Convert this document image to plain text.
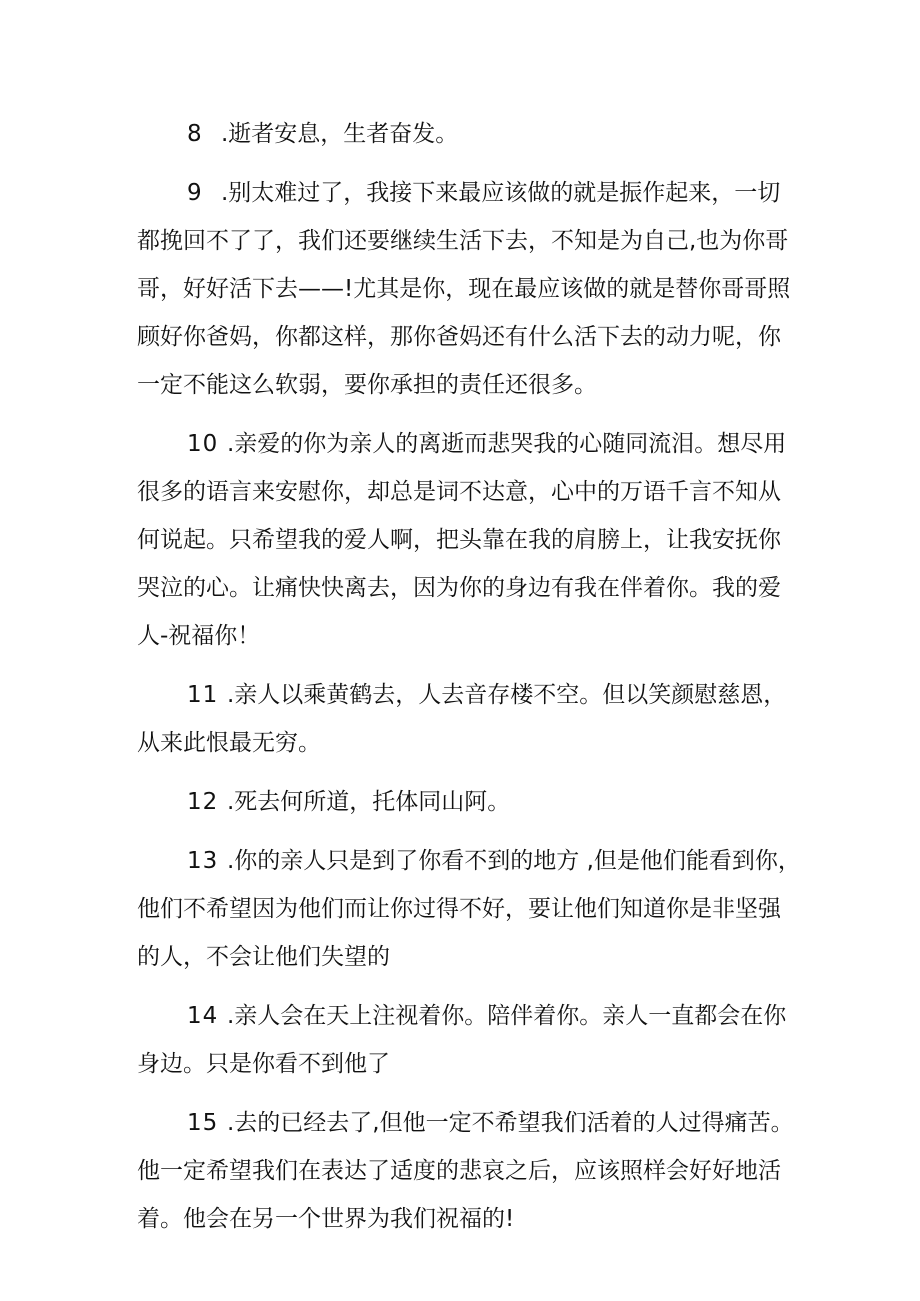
8 .逝者安息，生者奋发。
9 .别太难过了，我接下来最应该做的就是振作起来，一切
都挽回不了了，我们还要继续生活下去，不知是为自己,也为你哥
哥，好好活下去——!尤其是你，现在最应该做的就是替你哥哥照
顾好你爸妈，你都这样，那你爸妈还有什么活下去的动力呢，你
一定不能这么软弱，要你承担的责任还很多。
10 .亲爱的你为亲人的离逝而悲哭我的心随同流泪。想尽用
很多的语言来安慰你，却总是词不达意，心中的万语千言不知从
何说起。只希望我的爱人啊，把头靠在我的肩膀上，让我安抚你
哭泣的心。让痛快快离去，因为你的身边有我在伴着你。我的爱
人-祝福你！
11 .亲人以乘黄鹤去，人去音存楼不空。但以笑颜慰慈恩，
从来此恨最无穷。
12 .死去何所道，托体同山阿。
13 .你的亲人只是到了你看不到的地方 ,但是他们能看到你，
他们不希望因为他们而让你过得不好，要让他们知道你是非坚强
的人，不会让他们失望的
14 .亲人会在天上注视着你。陪伴着你。亲人一直都会在你
身边。只是你看不到他了
15 .去的已经去了,但他一定不希望我们活着的人过得痛苦。
他一定希望我们在表达了适度的悲哀之后，应该照样会好好地活
着。他会在另一个世界为我们祝福的!
